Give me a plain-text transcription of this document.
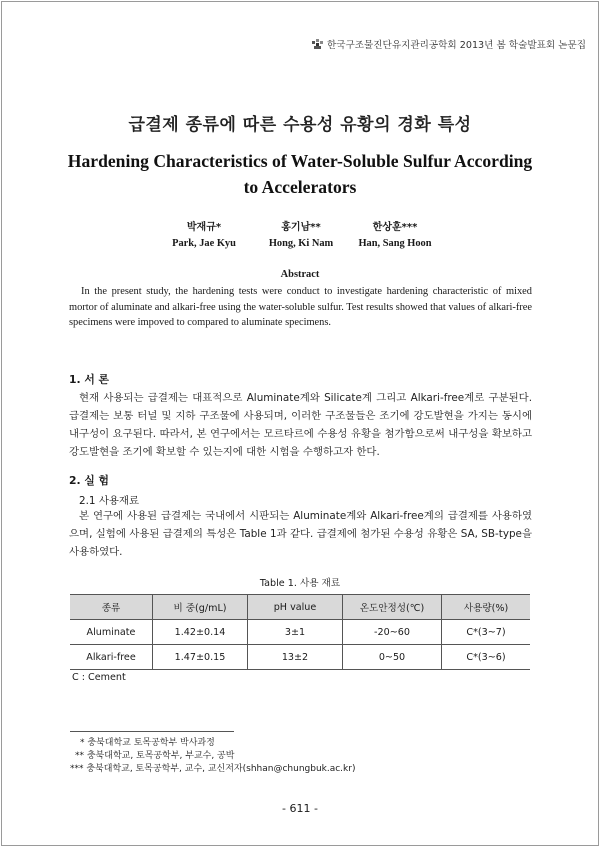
한국구조물진단유지관리공학회 2013년 봄 학술발표회 논문집
급결제 종류에 따른 수용성 유황의 경화 특성
Hardening Characteristics of Water-Soluble Sulfur According to Accelerators
박재규*
Park, Jae Kyu
홍기남**
Hong, Ki Nam
한상훈***
Han, Sang Hoon
Abstract
In the present study, the hardening tests were conduct to investigate hardening characteristic of mixed mortor of aluminate and alkari-free using the water-soluble sulfur. Test results showed that values of alkari-free specimens were impoved to compared to aluminate specimens.
1. 서 론
현재 사용되는 급결제는 대표적으로 Aluminate계와 Silicate계 그리고 Alkari-free계로 구분된다. 급결제는 보통 터널 및 지하 구조물에 사용되며, 이러한 구조물들은 조기에 강도발현을 가지는 동시에 내구성이 요구된다. 따라서, 본 연구에서는 모르타르에 수용성 유황을 첨가함으로써 내구성을 확보하고 강도발현을 조기에 확보할 수 있는지에 대한 시험을 수행하고자 한다.
2. 실 험
2.1 사용재료
본 연구에 사용된 급결제는 국내에서 시판되는 Aluminate계와 Alkari-free계의 급결제를 사용하였으며, 실험에 사용된 급결제의 특성은 Table 1과 같다. 급결제에 첨가된 수용성 유황은 SA, SB-type을 사용하였다.
Table 1. 사용 재료
종류	비 중(g/mL)	pH value	온도안정성(℃)	사용량(%)
Aluminate	1.42±0.14	3±1	-20~60	C*(3~7)
Alkari-free	1.47±0.15	13±2	0~50	C*(3~6)
C : Cement
* 충북대학교 토목공학부 박사과정
** 충북대학교, 토목공학부, 부교수, 공박
*** 충북대학교, 토목공학부, 교수, 교신저자(shhan@chungbuk.ac.kr)
- 611 -
